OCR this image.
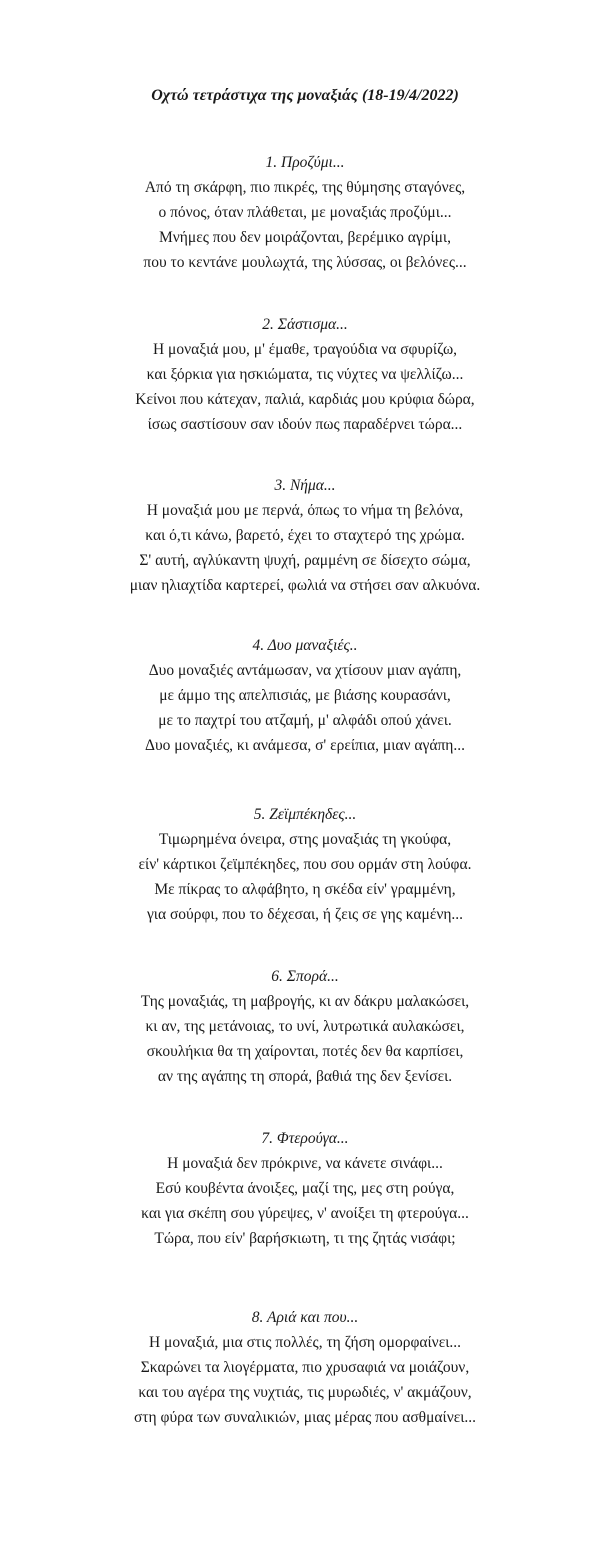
Οχτώ τετράστιχα της μοναξιάς (18-19/4/2022)
1. Προζύμι...
Από τη σκάρφη, πιο πικρές, της θύμησης σταγόνες,
ο πόνος, όταν πλάθεται, με μοναξιάς προζύμι...
Μνήμες που δεν μοιράζονται, βερέμικο αγρίμι,
που το κεντάνε μουλωχτά, της λύσσας, οι βελόνες...
2. Σάστισμα...
Η μοναξιά μου, μ' έμαθε, τραγούδια να σφυρίζω,
και ξόρκια για ησκιώματα, τις νύχτες να ψελλίζω...
Κείνοι που κάτεχαν, παλιά, καρδιάς μου κρύφια δώρα,
ίσως σαστίσουν σαν ιδούν πως παραδέρνει τώρα...
3. Νήμα...
Η μοναξιά μου με περνά, όπως το νήμα τη βελόνα,
και ό,τι κάνω, βαρετό, έχει το σταχτερό της χρώμα.
Σ' αυτή, αγλύκαντη ψυχή, ραμμένη σε δίσεχτο σώμα,
μιαν ηλιαχτίδα καρτερεί, φωλιά να στήσει σαν αλκυόνα.
4. Δυο μαναξιές..
Δυο μοναξιές αντάμωσαν, να χτίσουν μιαν αγάπη,
με άμμο της απελπισιάς, με βιάσης κουρασάνι,
με το παχτρί του ατζαμή, μ' αλφάδι οπού χάνει.
Δυο μοναξιές, κι ανάμεσα, σ' ερείπια, μιαν αγάπη...
5. Ζεϊμπέκηδες...
Τιμωρημένα όνειρα, στης μοναξιάς τη γκούφα,
είν' κάρτικοι ζεϊμπέκηδες, που σου ορμάν στη λούφα.
Με πίκρας το αλφάβητο, η σκέδα είν' γραμμένη,
για σούρφι, που το δέχεσαι, ή ζεις σε γης καμένη...
6. Σπορά...
Της μοναξιάς, τη μαβρογής, κι αν δάκρυ μαλακώσει,
κι αν, της μετάνοιας, το υνί, λυτρωτικά αυλακώσει,
σκουλήκια θα τη χαίρονται, ποτές δεν θα καρπίσει,
αν της αγάπης τη σπορά, βαθιά της δεν ξενίσει.
7. Φτερούγα...
Η μοναξιά δεν πρόκρινε, να κάνετε σινάφι...
Εσύ κουβέντα άνοιξες, μαζί της, μες στη ρούγα,
και για σκέπη σου γύρεψες, ν' ανοίξει τη φτερούγα...
Τώρα, που είν' βαρήσκιωτη, τι της ζητάς νισάφι;
8. Αριά και που...
Η μοναξιά, μια στις πολλές, τη ζήση ομορφαίνει...
Σκαρώνει τα λιογέρματα, πιο χρυσαφιά να μοιάζουν,
και του αγέρα της νυχτιάς, τις μυρωδιές, ν' ακμάζουν,
στη φύρα των συναλικιών, μιας μέρας που ασθμαίνει...
